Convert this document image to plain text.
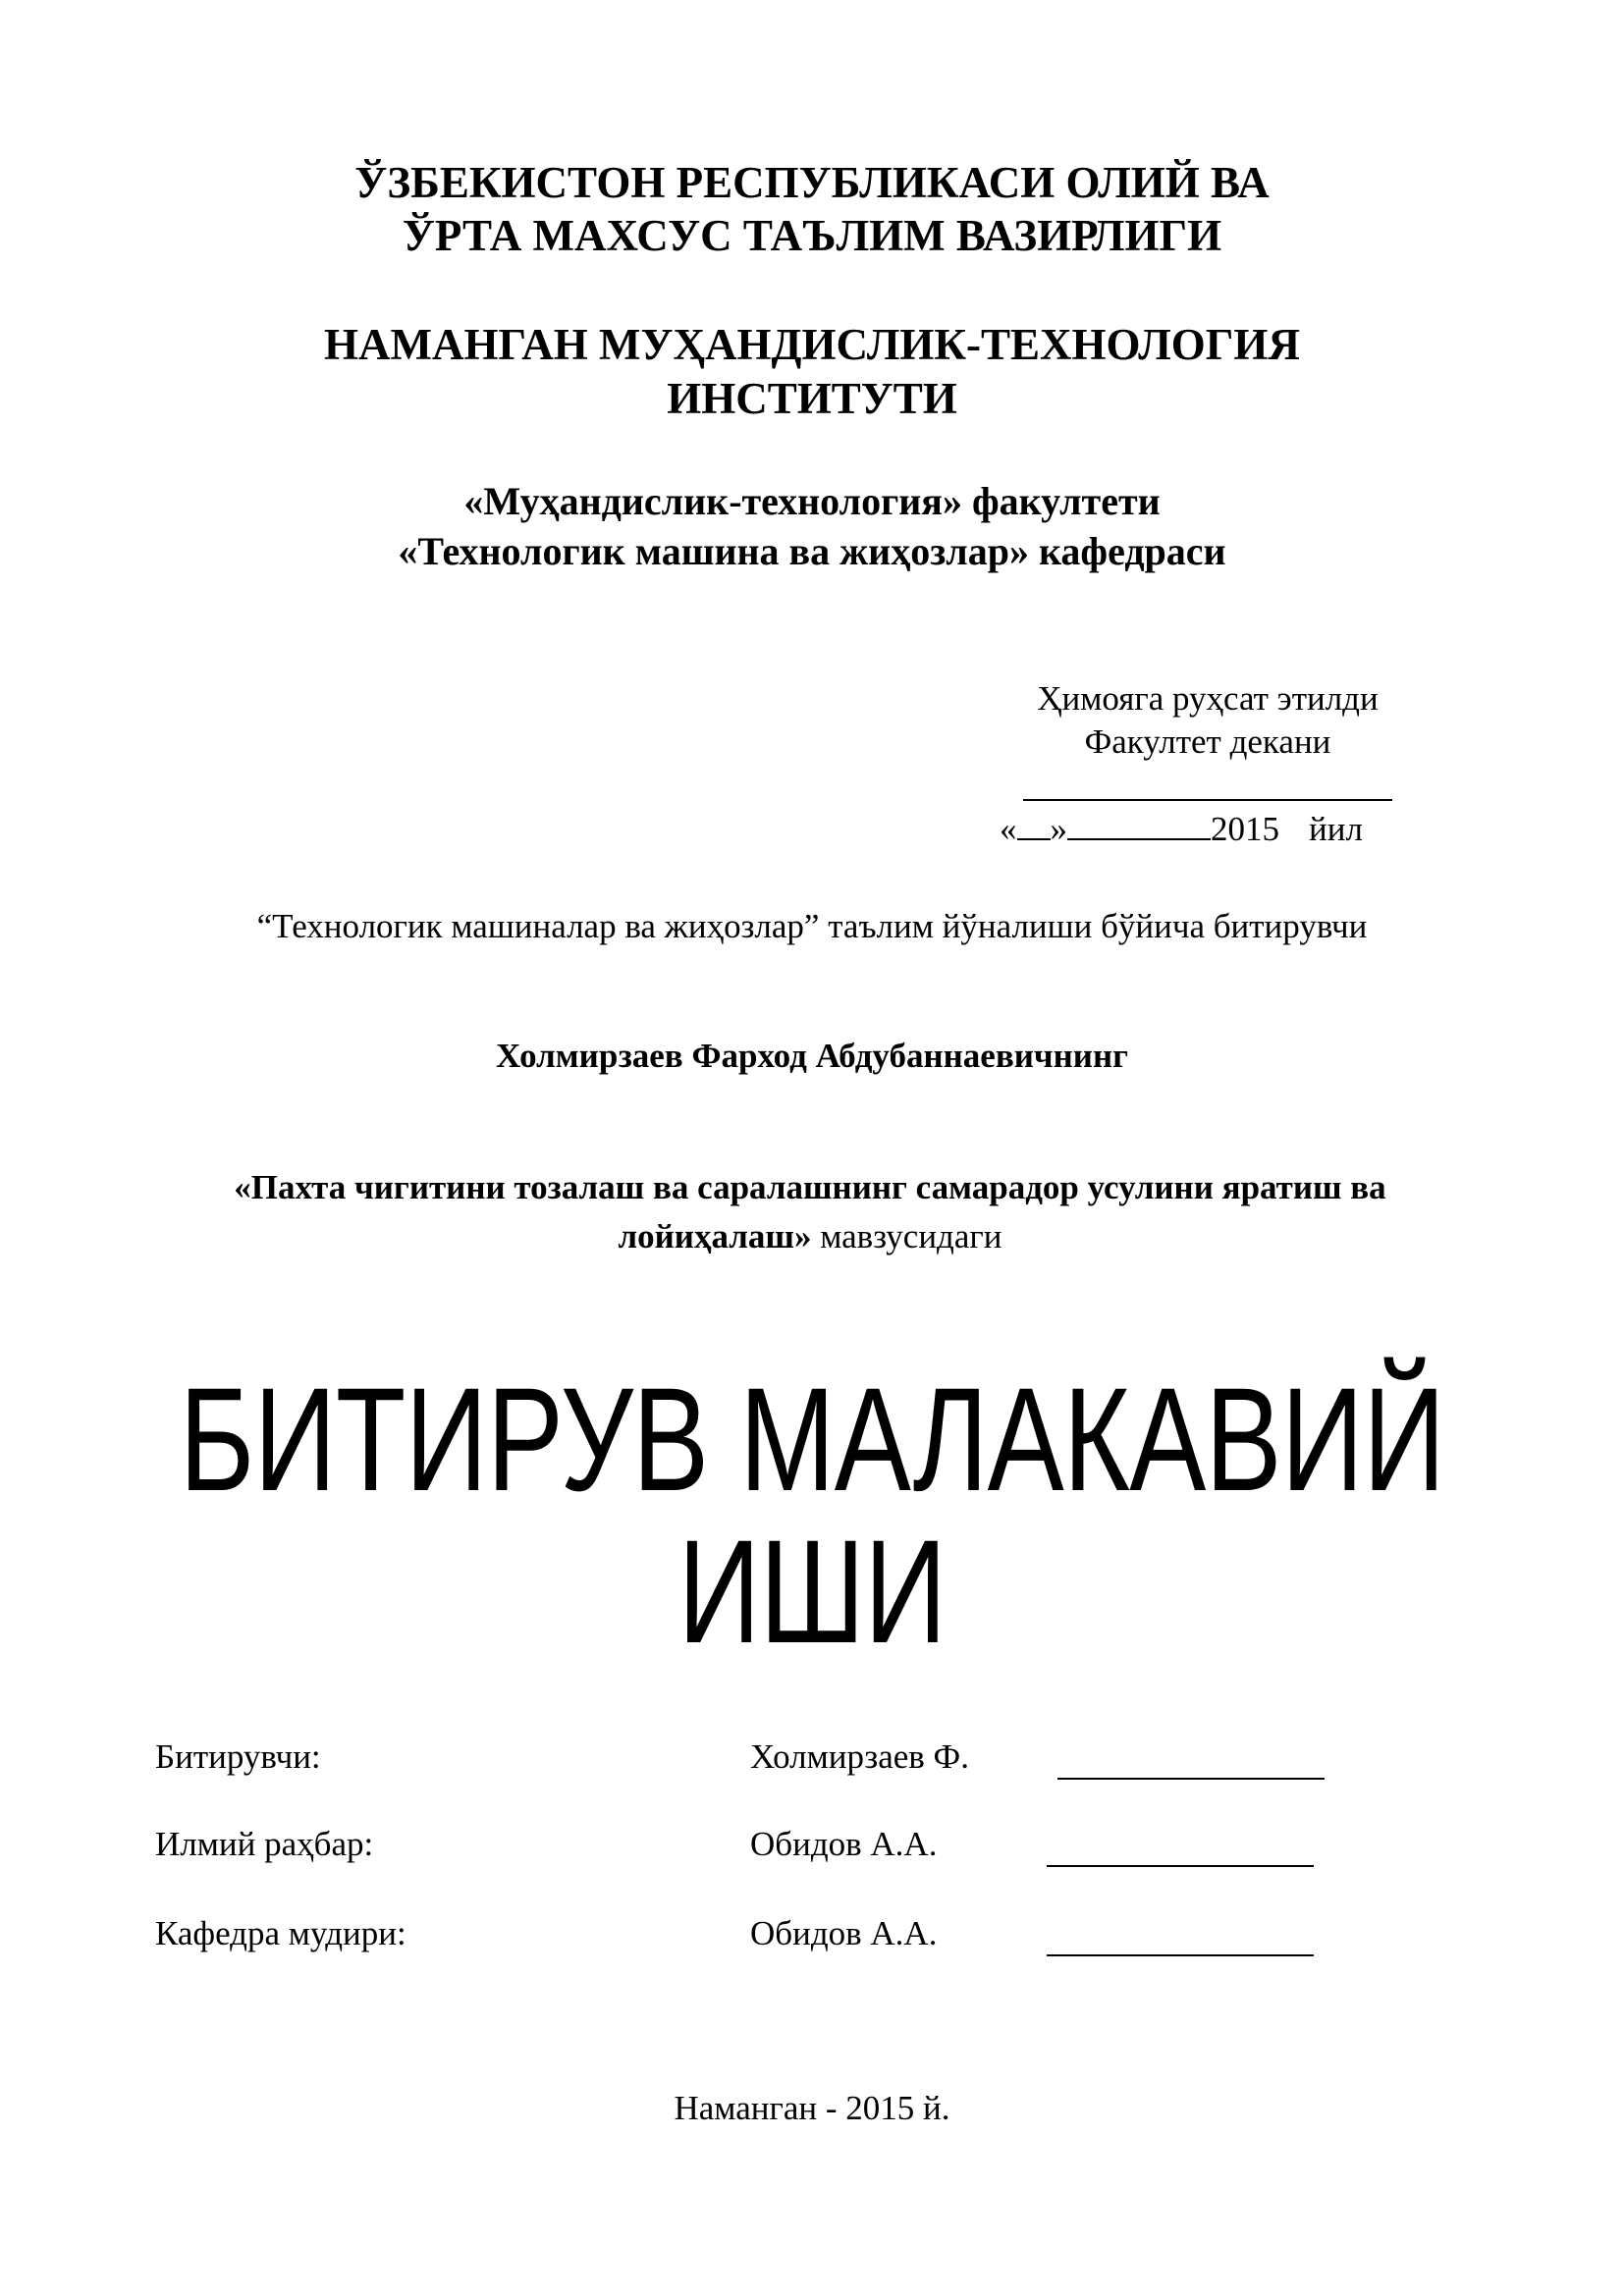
ЎЗБЕКИСТОН РЕСПУБЛИКАСИ ОЛИЙ ВА
ЎРТА МАХСУС ТАЪЛИМ ВАЗИРЛИГИ
НАМАНГАН МУҲАНДИСЛИК-ТЕХНОЛОГИЯ
ИНСТИТУТИ
«Муҳандислик-технология» факултети
«Технологик машина ва жиҳозлар» кафедраси
Ҳимояга руҳсат этилди
Факултет декани
« »	2015 йил
“Технологик машиналар ва жиҳозлар” таълим йўналиши бўйича битирувчи
Холмирзаев Фарход Абдубаннаевичнинг
«Пахта чигитини тозалаш ва саралашнинг самарадор усулини яратиш ва
лойиҳалаш» мавзусидаги
БИТИРУВ МАЛАКАВИЙ
ИШИ
Битирувчи:	Холмирзаев Ф.
Илмий раҳбар:	Обидов А.А.
Кафедра мудири:	Обидов А.А.
Наманган - 2015 й.
